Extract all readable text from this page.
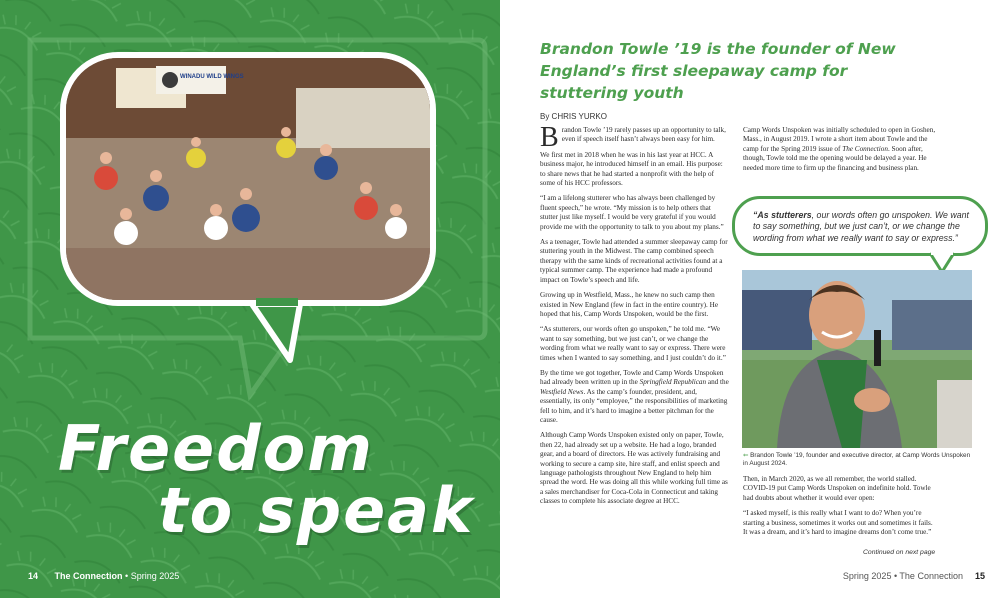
WINADU WILD WINGS
Freedom
to speak
14 The Connection • Spring 2025
Brandon Towle ’19 is the founder of New England’s first sleepaway camp for stuttering youth
By CHRIS YURKO

Brandon Towle ’19 rarely passes up an opportunity to talk, even if speech itself hasn’t always been easy for him.

We first met in 2018 when he was in his last year at HCC. A business major, he introduced himself in an email. His purpose: to share news that he had started a nonprofit with the help of some of his HCC professors.

“I am a lifelong stutterer who has always been challenged by fluent speech,” he wrote. “My mission is to help others that stutter just like myself. I would be very grateful if you would provide me with the opportunity to talk to you about my plans.”

As a teenager, Towle had attended a summer sleepaway camp for stuttering youth in the Midwest. The camp combined speech therapy with the same kinds of recreational activities found at a typical summer camp. The experience had made a profound impact on Towle’s speech and life.

Growing up in Westfield, Mass., he knew no such camp then existed in New England (few in fact in the entire country). He hoped that his, Camp Words Unspoken, would be the first.

“As stutterers, our words often go unspoken,” he told me. “We want to say something, but we just can’t, or we change the wording from what we really want to say or express. There were times when I wanted to say something, and I just couldn’t do it.”

By the time we got together, Towle and Camp Words Unspoken had already been written up in the Springfield Republican and the Westfield News. As the camp’s founder, president, and, essentially, its only “employee,” the responsibilities of marketing fell to him, and it’s hard to imagine a better pitchman for the cause.

Although Camp Words Unspoken existed only on paper, Towle, then 22, had already set up a website. He had a logo, branded gear, and a board of directors. He was actively fundraising and working to secure a camp site, hire staff, and enlist speech and language pathologists throughout New England to help him spread the word. He was doing all this while working full time as a sales merchandiser for Coca-Cola in Connecticut and taking classes to complete his associate degree at HCC.

Camp Words Unspoken was initially scheduled to open in Goshen, Mass., in August 2019. I wrote a short item about Towle and the camp for the Spring 2019 issue of The Connection. Soon after, though, Towle told me the opening would be delayed a year. He needed more time to firm up the financing and business plan.

“As stutterers, our words often go unspoken. We want to say something, but we just can’t, or we change the wording from what we really want to say or express.”
⇐ Brandon Towle ’19, founder and executive director, at Camp Words Unspoken in August 2024.

Then, in March 2020, as we all remember, the world stalled. COVID-19 put Camp Words Unspoken on indefinite hold. Towle had doubts about whether it would ever open:

“I asked myself, is this really what I want to do? When you’re starting a business, sometimes it works out and sometimes it fails. It was a dream, and it’s hard to imagine dreams don’t come true.”

Continued on next page
Spring 2025 • The Connection 15
